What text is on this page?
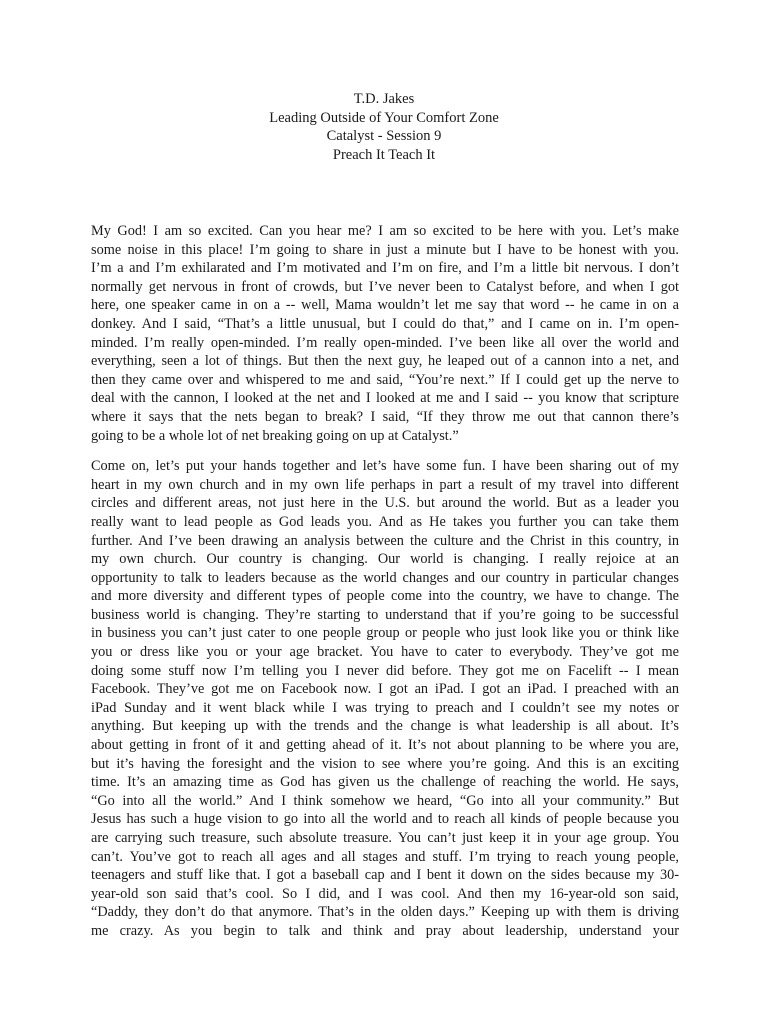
T.D. Jakes
Leading Outside of Your Comfort Zone
Catalyst - Session 9
Preach It Teach It
My God! I am so excited. Can you hear me? I am so excited to be here with you. Let’s make
some noise in this place! I’m going to share in just a minute but I have to be honest with you.
I’m a and I’m exhilarated and I’m motivated and I’m on fire, and I’m a little bit nervous. I don’t
normally get nervous in front of crowds, but I’ve never been to Catalyst before, and when I got
here, one speaker came in on a -- well, Mama wouldn’t let me say that word -- he came in on a
donkey. And I said, “That’s a little unusual, but I could do that,” and I came on in. I’m open-
minded. I’m really open-minded. I’m really open-minded. I’ve been like all over the world and
everything, seen a lot of things. But then the next guy, he leaped out of a cannon into a net, and
then they came over and whispered to me and said, “You’re next.” If I could get up the nerve to
deal with the cannon, I looked at the net and I looked at me and I said -- you know that scripture
where it says that the nets began to break? I said, “If they throw me out that cannon there’s
going to be a whole lot of net breaking going on up at Catalyst.”
Come on, let’s put your hands together and let’s have some fun. I have been sharing out of my
heart in my own church and in my own life perhaps in part a result of my travel into different
circles and different areas, not just here in the U.S. but around the world. But as a leader you
really want to lead people as God leads you. And as He takes you further you can take them
further. And I’ve been drawing an analysis between the culture and the Christ in this country, in
my own church. Our country is changing. Our world is changing. I really rejoice at an
opportunity to talk to leaders because as the world changes and our country in particular changes
and more diversity and different types of people come into the country, we have to change. The
business world is changing. They’re starting to understand that if you’re going to be successful
in business you can’t just cater to one people group or people who just look like you or think like
you or dress like you or your age bracket. You have to cater to everybody. They’ve got me
doing some stuff now I’m telling you I never did before. They got me on Facelift -- I mean
Facebook. They’ve got me on Facebook now. I got an iPad. I got an iPad. I preached with an
iPad Sunday and it went black while I was trying to preach and I couldn’t see my notes or
anything. But keeping up with the trends and the change is what leadership is all about. It’s
about getting in front of it and getting ahead of it. It’s not about planning to be where you are,
but it’s having the foresight and the vision to see where you’re going. And this is an exciting
time. It’s an amazing time as God has given us the challenge of reaching the world. He says,
“Go into all the world.” And I think somehow we heard, “Go into all your community.” But
Jesus has such a huge vision to go into all the world and to reach all kinds of people because you
are carrying such treasure, such absolute treasure. You can’t just keep it in your age group. You
can’t. You’ve got to reach all ages and all stages and stuff. I’m trying to reach young people,
teenagers and stuff like that. I got a baseball cap and I bent it down on the sides because my 30-
year-old son said that’s cool. So I did, and I was cool. And then my 16-year-old son said,
“Daddy, they don’t do that anymore. That’s in the olden days.” Keeping up with them is driving
me crazy. As you begin to talk and think and pray about leadership, understand your
